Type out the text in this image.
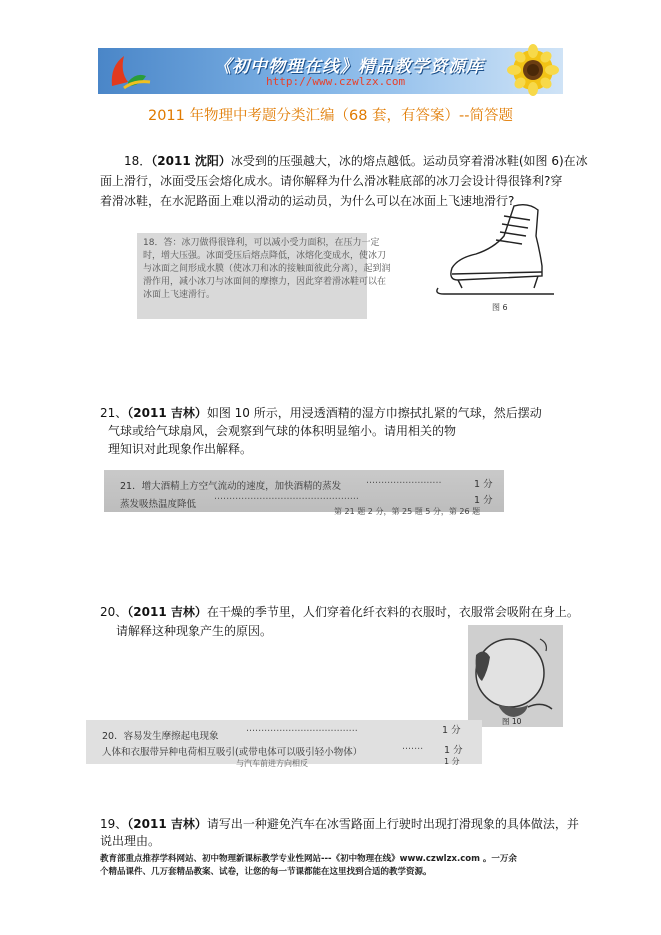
《初中物理在线》精品教学资源库
http://www.czwlzx.com
2011 年物理中考题分类汇编（68 套，有答案）--简答题
18．（2011 沈阳）冰受到的压强越大，冰的熔点越低。运动员穿着滑冰鞋(如图 6)在冰
面上滑行，冰面受压会熔化成水。请你解释为什么滑冰鞋底部的冰刀会设计得很锋利?穿
着滑冰鞋，在水泥路面上难以滑动的运动员，为什么可以在冰面上飞速地滑行?
18．答：冰刀做得很锋利，可以减小受力面积，在压力一定
时，增大压强。冰面受压后熔点降低，冰熔化变成水，使冰刀
与冰面之间形成水膜（使冰刀和冰的接触面彼此分离），起到润
滑作用，减小冰刀与冰面间的摩擦力，因此穿着滑冰鞋可以在
冰面上飞速滑行。
图 6
21、（2011 吉林）如图 10 所示，用浸透酒精的湿方巾擦拭扎紧的气球，然后摆动
气球或给气球扇风，会观察到气球的体积明显缩小。请用相关的物
理知识对此现象作出解释。
21．增大酒精上方空气流动的速度，加快酒精的蒸发	·························	1 分
蒸发吸热温度降低 ················································	1 分
第 21 题 2 分，第 25 题 5 分，第 26 题
20、（2011 吉林）在干燥的季节里，人们穿着化纤衣料的衣服时，衣服常会吸附在身上。
请解释这种现象产生的原因。
图 10
20．容易发生摩擦起电现象	·····································	1 分
人体和衣服带异种电荷相互吸引(或带电体可以吸引轻小物体）	······· 1 分
与汽车前进方向相反	1 分
19、（2011 吉林）请写出一种避免汽车在冰雪路面上行驶时出现打滑现象的具体做法，并
说出理由。
教育部重点推荐学科网站、初中物理新课标教学专业性网站---《初中物理在线》www.czwlzx.com 。一万余
个精品课件、几万套精品教案、试卷，让您的每一节课都能在这里找到合适的教学资源。
